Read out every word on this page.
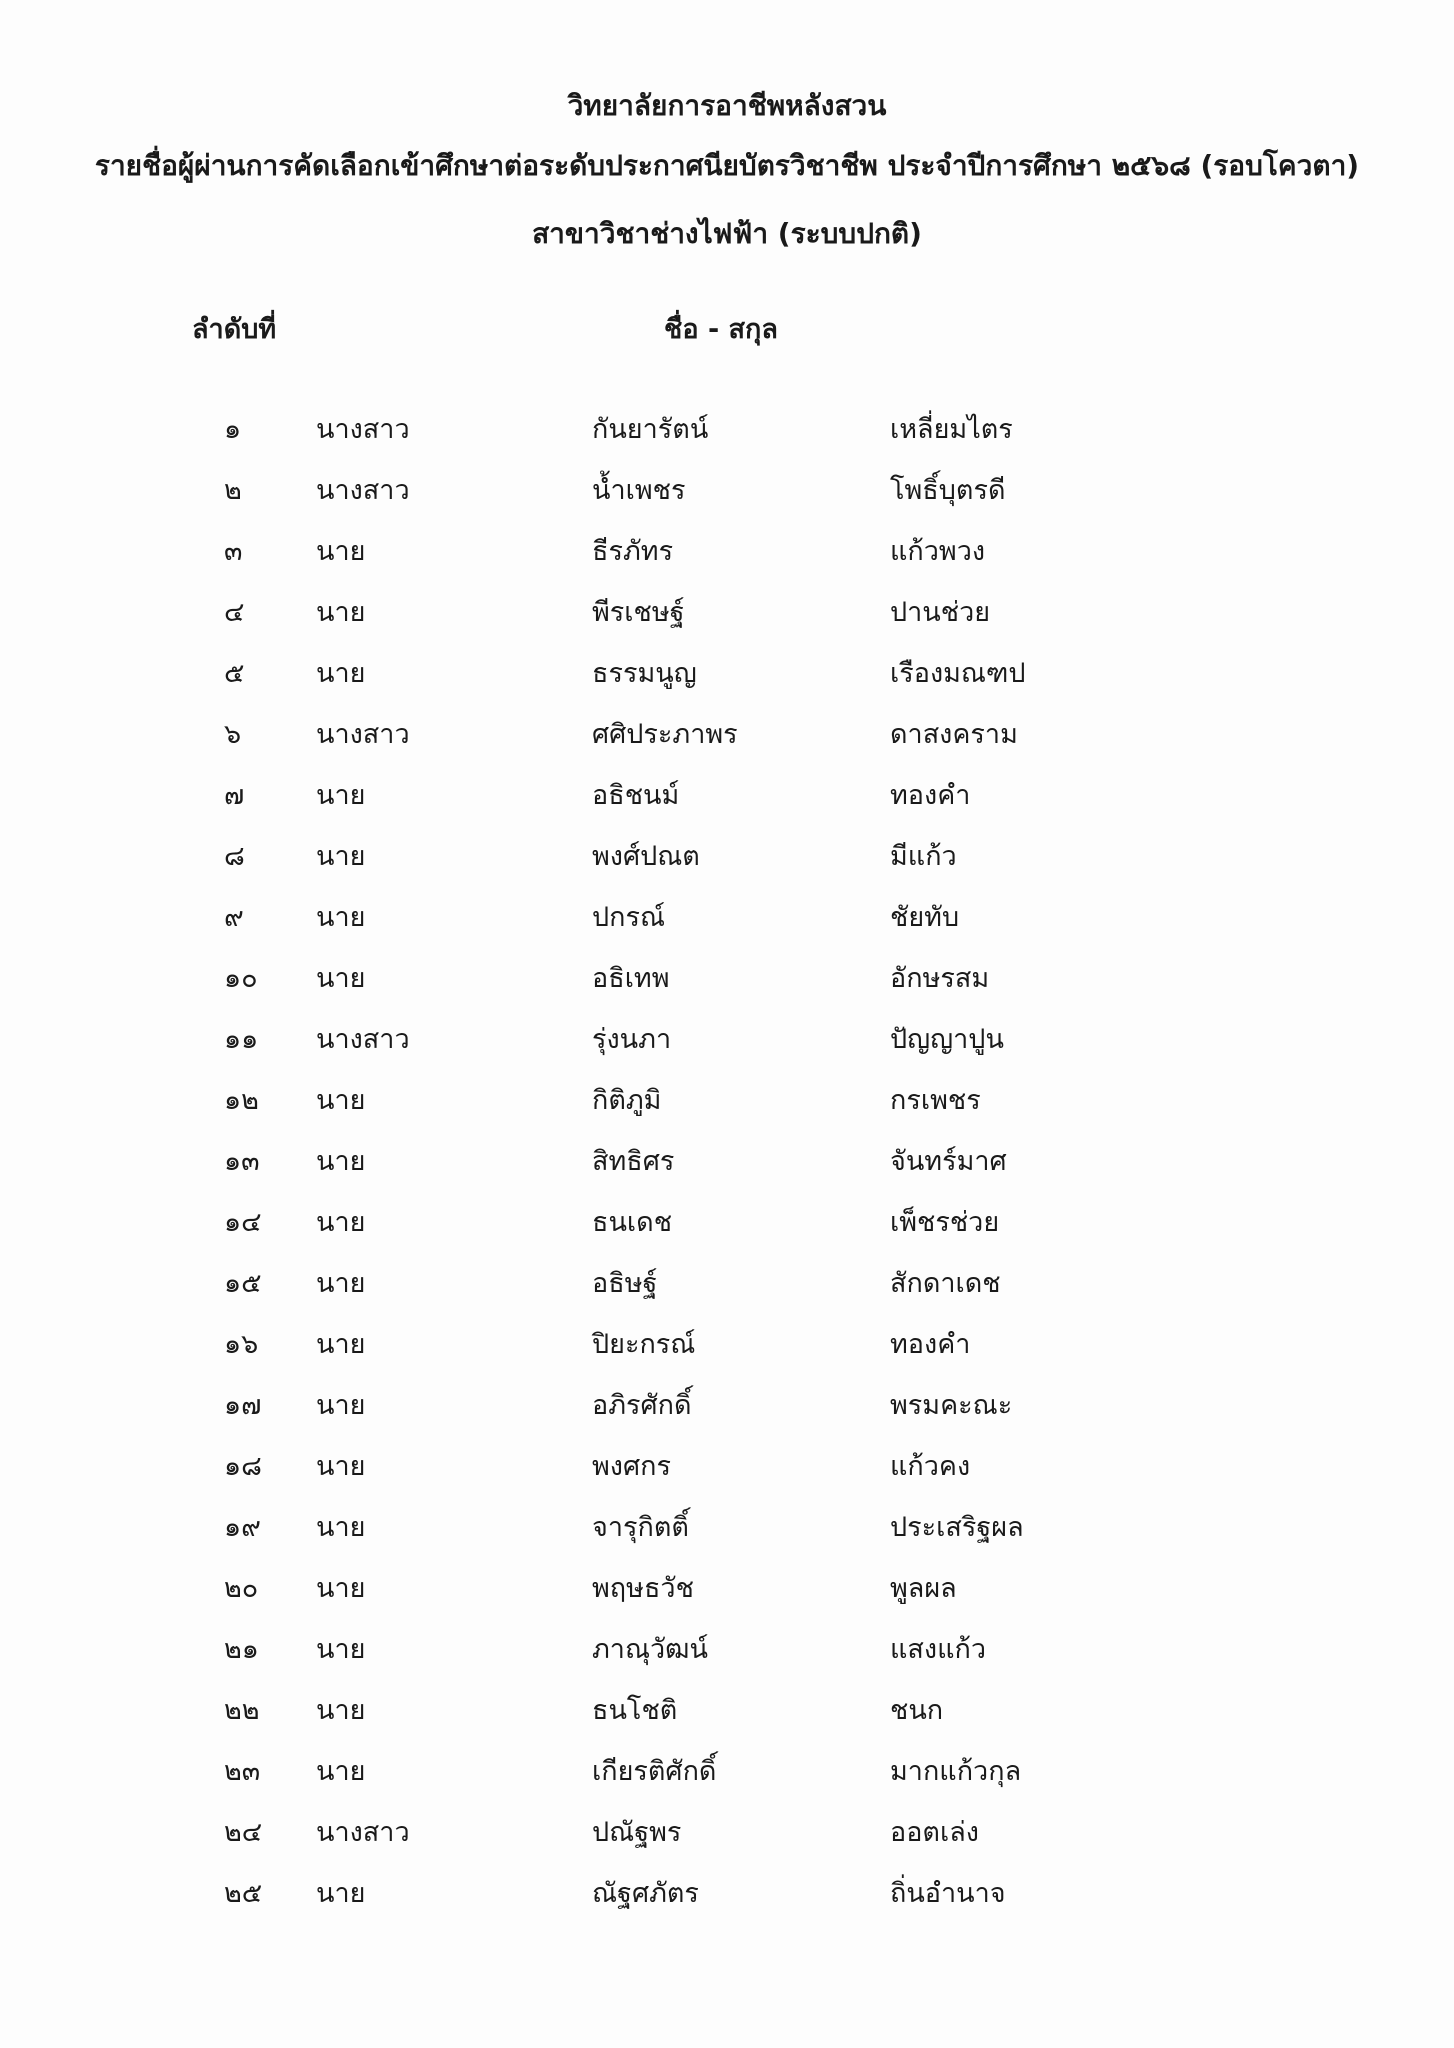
วิทยาลัยการอาชีพหลังสวน
รายชื่อผู้ผ่านการคัดเลือกเข้าศึกษาต่อระดับประกาศนียบัตรวิชาชีพ ประจำปีการศึกษา ๒๕๖๘ (รอบโควตา)
สาขาวิชาช่างไฟฟ้า (ระบบปกติ)
ลำดับที่	ชื่อ - สกุล
๑	นางสาว	กันยารัตน์	เหลี่ยมไตร
๒	นางสาว	น้ำเพชร	โพธิ์บุตรดี
๓	นาย	ธีรภัทร	แก้วพวง
๔	นาย	พีรเชษฐ์	ปานช่วย
๕	นาย	ธรรมนูญ	เรืองมณฑป
๖	นางสาว	ศศิประภาพร	ดาสงคราม
๗	นาย	อธิชนม์	ทองคำ
๘	นาย	พงศ์ปณต	มีแก้ว
๙	นาย	ปกรณ์	ชัยทับ
๑๐ นาย	อธิเทพ	อักษรสม
๑๑ นางสาว	รุ่งนภา	ปัญญาปูน
๑๒ นาย	กิติภูมิ	กรเพชร
๑๓ นาย	สิทธิศร	จันทร์มาศ
๑๔ นาย	ธนเดช	เพ็ชรช่วย
๑๕ นาย	อธิษฐ์	สักดาเดช
๑๖ นาย	ปิยะกรณ์	ทองคำ
๑๗ นาย	อภิรศักดิ์	พรมคะณะ
๑๘ นาย	พงศกร	แก้วคง
๑๙ นาย	จารุกิตติ์	ประเสริฐผล
๒๐ นาย	พฤษธวัช	พูลผล
๒๑ นาย	ภาณุวัฒน์	แสงแก้ว
๒๒ นาย	ธนโชติ	ชนก
๒๓ นาย	เกียรติศักดิ์	มากแก้วกุล
๒๔ นางสาว	ปณัฐพร	ออตเล่ง
๒๕ นาย	ณัฐศภัตร	ถิ่นอำนาจ
